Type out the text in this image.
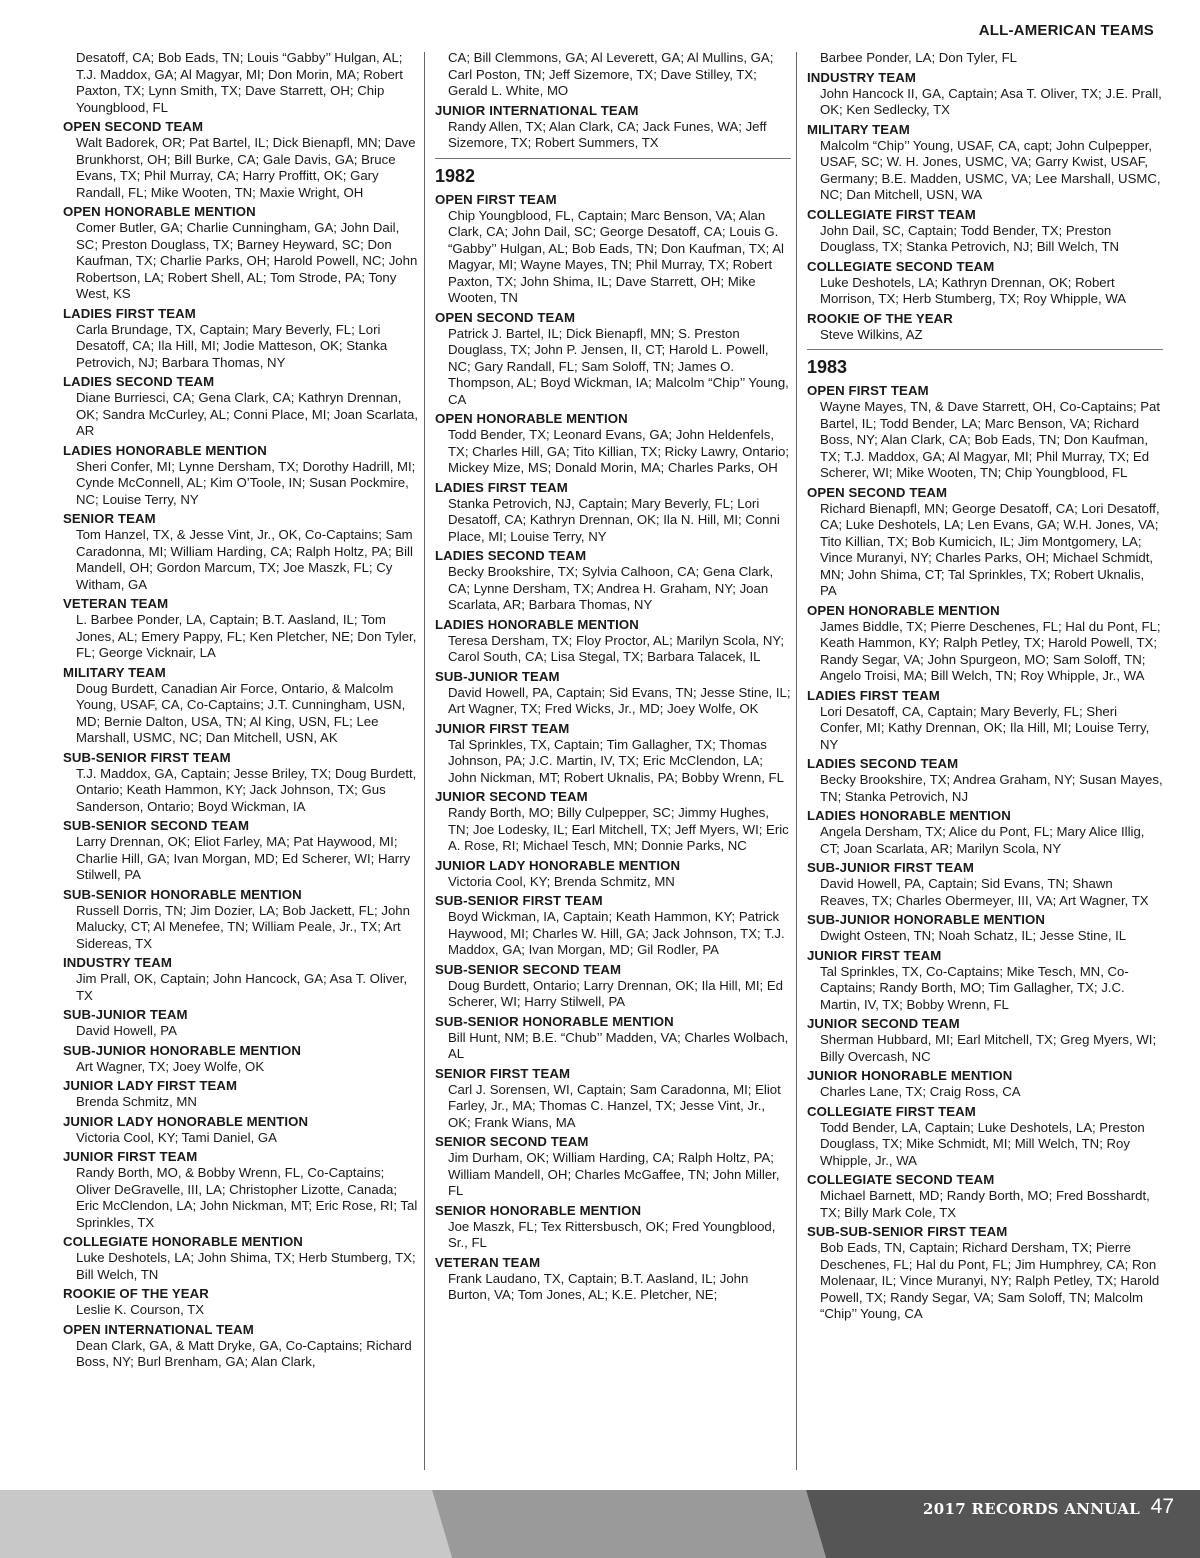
ALL-AMERICAN TEAMS
Desatoff, CA; Bob Eads, TN; Louis “Gabby’’ Hulgan, AL; T.J. Maddox, GA; Al Magyar, MI; Don Morin, MA; Robert Paxton, TX; Lynn Smith, TX; Dave Starrett, OH; Chip Youngblood, FL
OPEN SECOND TEAM
Walt Badorek, OR; Pat Bartel, IL; Dick Bienapfl, MN; Dave Brunkhorst, OH; Bill Burke, CA; Gale Davis, GA; Bruce Evans, TX; Phil Murray, CA; Harry Proffitt, OK; Gary Randall, FL; Mike Wooten, TN; Maxie Wright, OH
OPEN HONORABLE MENTION
Comer Butler, GA; Charlie Cunningham, GA; John Dail, SC; Preston Douglass, TX; Barney Heyward, SC; Don Kaufman, TX; Charlie Parks, OH; Harold Powell, NC; John Robertson, LA; Robert Shell, AL; Tom Strode, PA; Tony West, KS
LADIES FIRST TEAM
Carla Brundage, TX, Captain; Mary Beverly, FL; Lori Desatoff, CA; Ila Hill, MI; Jodie Matteson, OK; Stanka Petrovich, NJ; Barbara Thomas, NY
LADIES SECOND TEAM
Diane Burriesci, CA; Gena Clark, CA; Kathryn Drennan, OK; Sandra McCurley, AL; Conni Place, MI; Joan Scarlata, AR
LADIES HONORABLE MENTION
Sheri Confer, MI; Lynne Dersham, TX; Dorothy Hadrill, MI; Cynde McConnell, AL; Kim O’Toole, IN; Susan Pockmire, NC; Louise Terry, NY
SENIOR TEAM
Tom Hanzel, TX, & Jesse Vint, Jr., OK, Co-Captains; Sam Caradonna, MI; William Harding, CA; Ralph Holtz, PA; Bill Mandell, OH; Gordon Marcum, TX; Joe Maszk, FL; Cy Witham, GA
VETERAN TEAM
L. Barbee Ponder, LA, Captain; B.T. Aasland, IL; Tom Jones, AL; Emery Pappy, FL; Ken Pletcher, NE; Don Tyler, FL; George Vicknair, LA
MILITARY TEAM
Doug Burdett, Canadian Air Force, Ontario, & Malcolm Young, USAF, CA, Co-Captains; J.T. Cunningham, USN, MD; Bernie Dalton, USA, TN; Al King, USN, FL; Lee Marshall, USMC, NC; Dan Mitchell, USN, AK
SUB-SENIOR FIRST TEAM
T.J. Maddox, GA, Captain; Jesse Briley, TX; Doug Burdett, Ontario; Keath Hammon, KY; Jack Johnson, TX; Gus Sanderson, Ontario; Boyd Wickman, IA
SUB-SENIOR SECOND TEAM
Larry Drennan, OK; Eliot Farley, MA; Pat Haywood, MI; Charlie Hill, GA; Ivan Morgan, MD; Ed Scherer, WI; Harry Stilwell, PA
SUB-SENIOR HONORABLE MENTION
Russell Dorris, TN; Jim Dozier, LA; Bob Jackett, FL; John Malucky, CT; Al Menefee, TN; William Peale, Jr., TX; Art Sidereas, TX
INDUSTRY TEAM
Jim Prall, OK, Captain; John Hancock, GA; Asa T. Oliver, TX
SUB-JUNIOR TEAM
David Howell, PA
SUB-JUNIOR HONORABLE MENTION
Art Wagner, TX; Joey Wolfe, OK
JUNIOR LADY FIRST TEAM
Brenda Schmitz, MN
JUNIOR LADY HONORABLE MENTION
Victoria Cool, KY; Tami Daniel, GA
JUNIOR FIRST TEAM
Randy Borth, MO, & Bobby Wrenn, FL, Co-Captains; Oliver DeGravelle, III, LA; Christopher Lizotte, Canada; Eric McClendon, LA; John Nickman, MT; Eric Rose, RI; Tal Sprinkles, TX
COLLEGIATE HONORABLE MENTION
Luke Deshotels, LA; John Shima, TX; Herb Stumberg, TX; Bill Welch, TN
ROOKIE OF THE YEAR
Leslie K. Courson, TX
OPEN INTERNATIONAL TEAM
Dean Clark, GA, & Matt Dryke, GA, Co-Captains; Richard Boss, NY; Burl Brenham, GA; Alan Clark,
CA; Bill Clemmons, GA; Al Leverett, GA; Al Mullins, GA; Carl Poston, TN; Jeff Sizemore, TX; Dave Stilley, TX; Gerald L. White, MO
JUNIOR INTERNATIONAL TEAM
Randy Allen, TX; Alan Clark, CA; Jack Funes, WA; Jeff Sizemore, TX; Robert Summers, TX
1982
OPEN FIRST TEAM
Chip Youngblood, FL, Captain; Marc Benson, VA; Alan Clark, CA; John Dail, SC; George Desatoff, CA; Louis G. “Gabby’’ Hulgan, AL; Bob Eads, TN; Don Kaufman, TX; Al Magyar, MI; Wayne Mayes, TN; Phil Murray, TX; Robert Paxton, TX; John Shima, IL; Dave Starrett, OH; Mike Wooten, TN
OPEN SECOND TEAM
Patrick J. Bartel, IL; Dick Bienapfl, MN; S. Preston Douglass, TX; John P. Jensen, II, CT; Harold L. Powell, NC; Gary Randall, FL; Sam Soloff, TN; James O. Thompson, AL; Boyd Wickman, IA; Malcolm “Chip’’ Young, CA
OPEN HONORABLE MENTION
Todd Bender, TX; Leonard Evans, GA; John Heldenfels, TX; Charles Hill, GA; Tito Killian, TX; Ricky Lawry, Ontario; Mickey Mize, MS; Donald Morin, MA; Charles Parks, OH
LADIES FIRST TEAM
Stanka Petrovich, NJ, Captain; Mary Beverly, FL; Lori Desatoff, CA; Kathryn Drennan, OK; Ila N. Hill, MI; Conni Place, MI; Louise Terry, NY
LADIES SECOND TEAM
Becky Brookshire, TX; Sylvia Calhoon, CA; Gena Clark, CA; Lynne Dersham, TX; Andrea H. Graham, NY; Joan Scarlata, AR; Barbara Thomas, NY
LADIES HONORABLE MENTION
Teresa Dersham, TX; Floy Proctor, AL; Marilyn Scola, NY; Carol South, CA; Lisa Stegal, TX; Barbara Talacek, IL
SUB-JUNIOR TEAM
David Howell, PA, Captain; Sid Evans, TN; Jesse Stine, IL; Art Wagner, TX; Fred Wicks, Jr., MD; Joey Wolfe, OK
JUNIOR FIRST TEAM
Tal Sprinkles, TX, Captain; Tim Gallagher, TX; Thomas Johnson, PA; J.C. Martin, IV, TX; Eric McClendon, LA; John Nickman, MT; Robert Uknalis, PA; Bobby Wrenn, FL
JUNIOR SECOND TEAM
Randy Borth, MO; Billy Culpepper, SC; Jimmy Hughes, TN; Joe Lodesky, IL; Earl Mitchell, TX; Jeff Myers, WI; Eric A. Rose, RI; Michael Tesch, MN; Donnie Parks, NC
JUNIOR LADY HONORABLE MENTION
Victoria Cool, KY; Brenda Schmitz, MN
SUB-SENIOR FIRST TEAM
Boyd Wickman, IA, Captain; Keath Hammon, KY; Patrick Haywood, MI; Charles W. Hill, GA; Jack Johnson, TX; T.J. Maddox, GA; Ivan Morgan, MD; Gil Rodler, PA
SUB-SENIOR SECOND TEAM
Doug Burdett, Ontario; Larry Drennan, OK; Ila Hill, MI; Ed Scherer, WI; Harry Stilwell, PA
SUB-SENIOR HONORABLE MENTION
Bill Hunt, NM; B.E. “Chub’’ Madden, VA; Charles Wolbach, AL
SENIOR FIRST TEAM
Carl J. Sorensen, WI, Captain; Sam Caradonna, MI; Eliot Farley, Jr., MA; Thomas C. Hanzel, TX; Jesse Vint, Jr., OK; Frank Wians, MA
SENIOR SECOND TEAM
Jim Durham, OK; William Harding, CA; Ralph Holtz, PA; William Mandell, OH; Charles McGaffee, TN; John Miller, FL
SENIOR HONORABLE MENTION
Joe Maszk, FL; Tex Rittersbusch, OK; Fred Youngblood, Sr., FL
VETERAN TEAM
Frank Laudano, TX, Captain; B.T. Aasland, IL; John Burton, VA; Tom Jones, AL; K.E. Pletcher, NE;
Barbee Ponder, LA; Don Tyler, FL
INDUSTRY TEAM
John Hancock II, GA, Captain; Asa T. Oliver, TX; J.E. Prall, OK; Ken Sedlecky, TX
MILITARY TEAM
Malcolm “Chip’’ Young, USAF, CA, capt; John Culpepper, USAF, SC; W. H. Jones, USMC, VA; Garry Kwist, USAF, Germany; B.E. Madden, USMC, VA; Lee Marshall, USMC, NC; Dan Mitchell, USN, WA
COLLEGIATE FIRST TEAM
John Dail, SC, Captain; Todd Bender, TX; Preston Douglass, TX; Stanka Petrovich, NJ; Bill Welch, TN
COLLEGIATE SECOND TEAM
Luke Deshotels, LA; Kathryn Drennan, OK; Robert Morrison, TX; Herb Stumberg, TX; Roy Whipple, WA
ROOKIE OF THE YEAR
Steve Wilkins, AZ
1983
OPEN FIRST TEAM
Wayne Mayes, TN, & Dave Starrett, OH, Co-Captains; Pat Bartel, IL; Todd Bender, LA; Marc Benson, VA; Richard Boss, NY; Alan Clark, CA; Bob Eads, TN; Don Kaufman, TX; T.J. Maddox, GA; Al Magyar, MI; Phil Murray, TX; Ed Scherer, WI; Mike Wooten, TN; Chip Youngblood, FL
OPEN SECOND TEAM
Richard Bienapfl, MN; George Desatoff, CA; Lori Desatoff, CA; Luke Deshotels, LA; Len Evans, GA; W.H. Jones, VA; Tito Killian, TX; Bob Kumicich, IL; Jim Montgomery, LA; Vince Muranyi, NY; Charles Parks, OH; Michael Schmidt, MN; John Shima, CT; Tal Sprinkles, TX; Robert Uknalis, PA
OPEN HONORABLE MENTION
James Biddle, TX; Pierre Deschenes, FL; Hal du Pont, FL; Keath Hammon, KY; Ralph Petley, TX; Harold Powell, TX; Randy Segar, VA; John Spurgeon, MO; Sam Soloff, TN; Angelo Troisi, MA; Bill Welch, TN; Roy Whipple, Jr., WA
LADIES FIRST TEAM
Lori Desatoff, CA, Captain; Mary Beverly, FL; Sheri Confer, MI; Kathy Drennan, OK; Ila Hill, MI; Louise Terry, NY
LADIES SECOND TEAM
Becky Brookshire, TX; Andrea Graham, NY; Susan Mayes, TN; Stanka Petrovich, NJ
LADIES HONORABLE MENTION
Angela Dersham, TX; Alice du Pont, FL; Mary Alice Illig, CT; Joan Scarlata, AR; Marilyn Scola, NY
SUB-JUNIOR FIRST TEAM
David Howell, PA, Captain; Sid Evans, TN; Shawn Reaves, TX; Charles Obermeyer, III, VA; Art Wagner, TX
SUB-JUNIOR HONORABLE MENTION
Dwight Osteen, TN; Noah Schatz, IL; Jesse Stine, IL
JUNIOR FIRST TEAM
Tal Sprinkles, TX, Co-Captains; Mike Tesch, MN, Co-Captains; Randy Borth, MO; Tim Gallagher, TX; J.C. Martin, IV, TX; Bobby Wrenn, FL
JUNIOR SECOND TEAM
Sherman Hubbard, MI; Earl Mitchell, TX; Greg Myers, WI; Billy Overcash, NC
JUNIOR HONORABLE MENTION
Charles Lane, TX; Craig Ross, CA
COLLEGIATE FIRST TEAM
Todd Bender, LA, Captain; Luke Deshotels, LA; Preston Douglass, TX; Mike Schmidt, MI; Mill Welch, TN; Roy Whipple, Jr., WA
COLLEGIATE SECOND TEAM
Michael Barnett, MD; Randy Borth, MO; Fred Bosshardt, TX; Billy Mark Cole, TX
SUB-SUB-SENIOR FIRST TEAM
Bob Eads, TN, Captain; Richard Dersham, TX; Pierre Deschenes, FL; Hal du Pont, FL; Jim Humphrey, CA; Ron Molenaar, IL; Vince Muranyi, NY; Ralph Petley, TX; Harold Powell, TX; Randy Segar, VA; Sam Soloff, TN; Malcolm “Chip’’ Young, CA
2017 RECORDS ANNUAL 47
